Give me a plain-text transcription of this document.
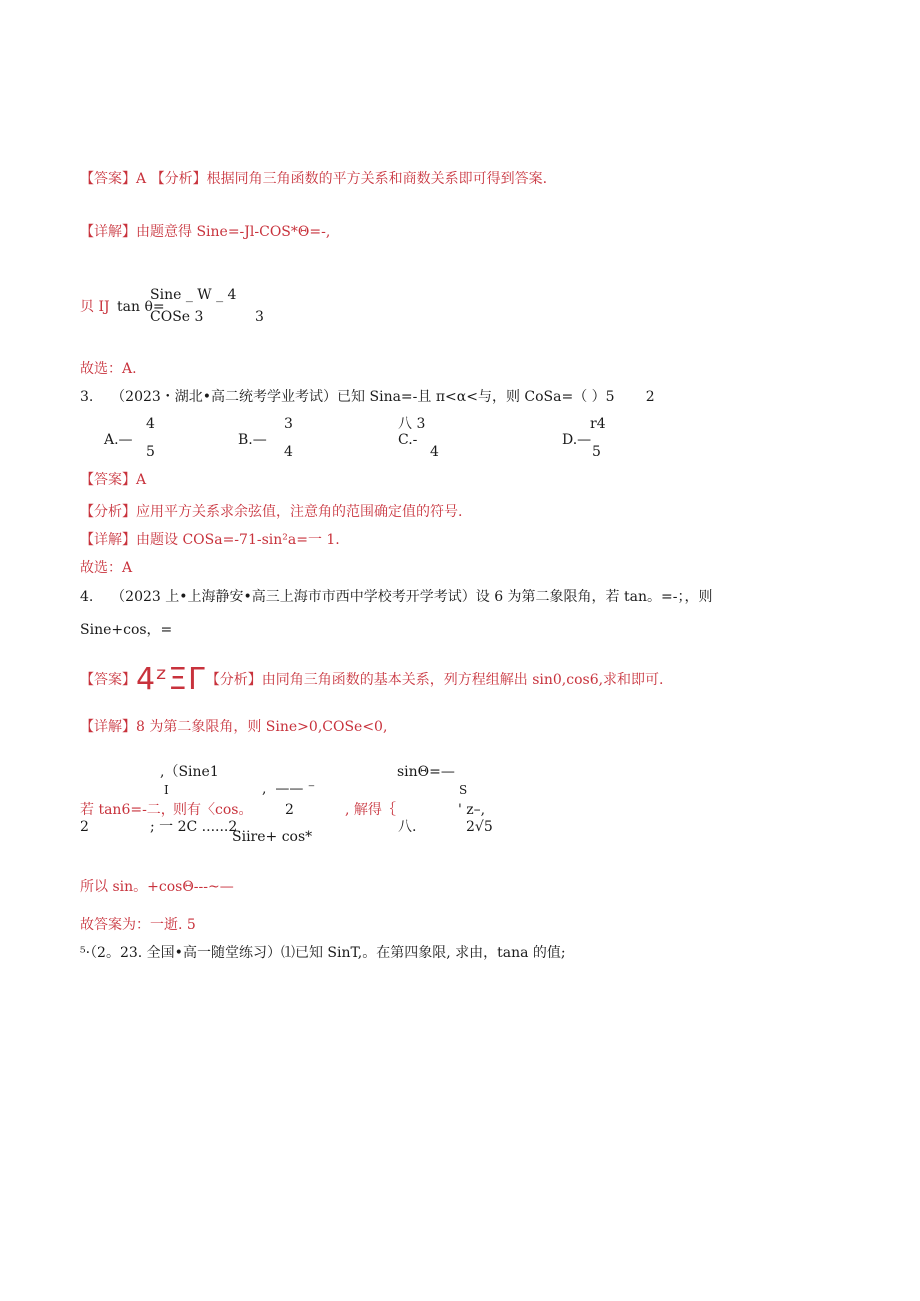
【答案】A 【分析】根据同角三角函数的平方关系和商数关系即可得到答案.
【详解】由题意得 Sine=-Jl-COS*Θ=-,
贝 IJ tan θ=
Sine _ W _ 4
COSe 3	3
故选：A.
3.    （2023・湖北•高二统考学业考试）已知 Sina=-且 π<α<与，则 CoSa=（ ）5       2
4
A.—
5
3
B.—
4
八 3
C.-
4
r4
D.—
5
【答案】A
【分析】应用平方关系求余弦值，注意角的范围确定值的符号.
【详解】由题设 COSa=-71-sin²a=一 1.
故选：A
4.    （2023 上•上海静安•高三上海市市西中学校考开学考试）设 6 为第二象限角，若 tan。=-；，则
Sine+cos，=
【答案】4ᶻΞΓ【分析】由同角三角函数的基本关系，列方程组解出 sin0,cos6,求和即可.
【详解】8 为第二象限角，则 Sine>0,COSe<0,
,（Sine1
,  —— ⁻
sinΘ=—
I	S
若 tan6=-二，
则有〈cos。 2	, 解得｛	' z–,
2	; 一 2C ......2	八.	2√5
Siire+ cos*
所以 sin。+cosΘ---~—
故答案为：一逝. 5
⁵·（2。23. 全国•高一随堂练习）⑴已知 SinT,。在第四象限, 求由，tana 的值;
